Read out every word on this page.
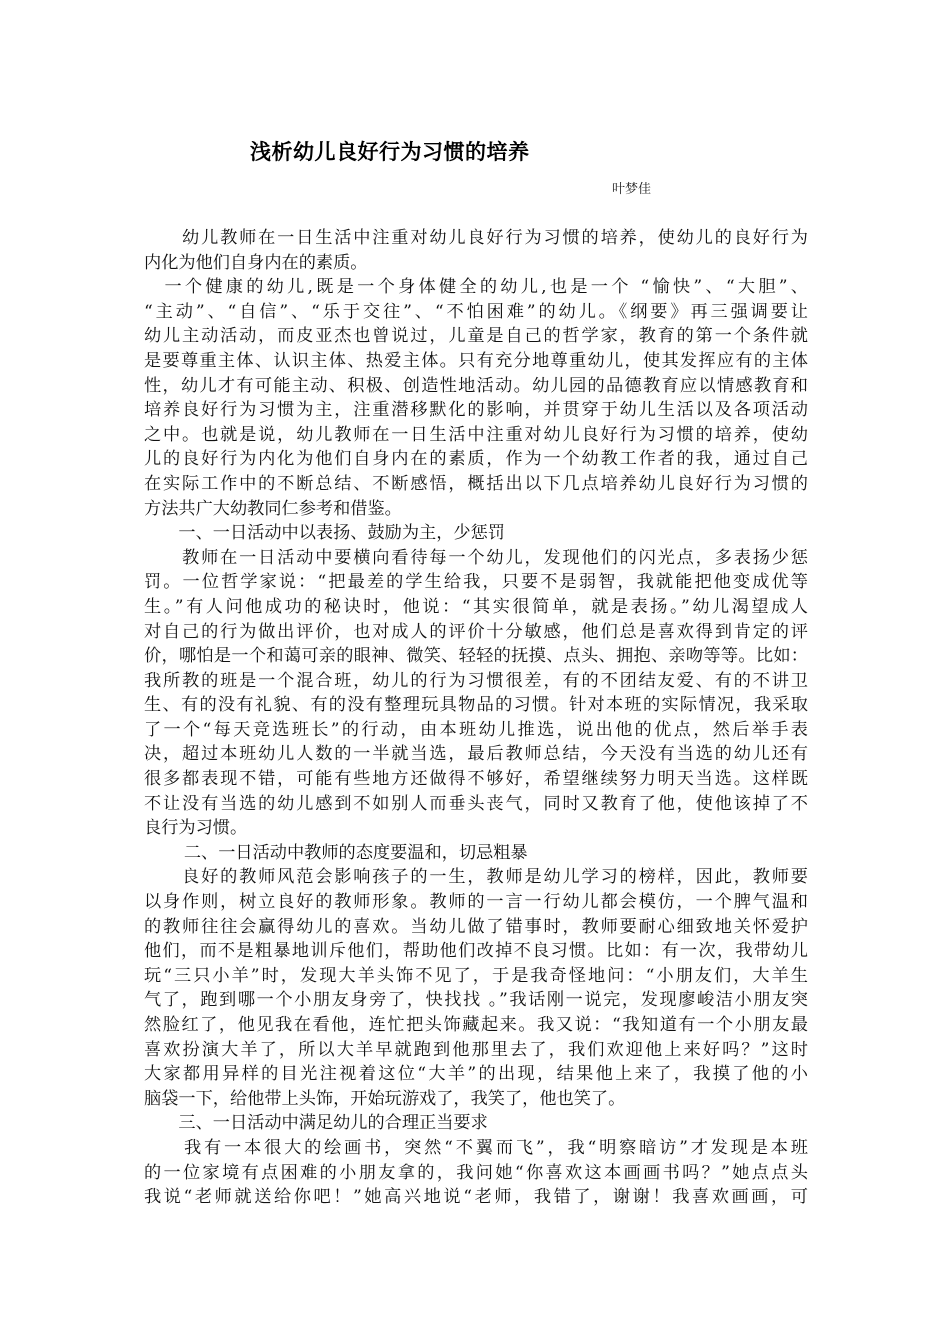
浅析幼儿良好行为习惯的培养
叶梦佳
　　幼儿教师在一日生活中注重对幼儿良好行为习惯的培养，使幼儿的良好行为
内化为他们自身内在的素质。
　一个健康的幼儿,既是一个身体健全的幼儿,也是一个 “愉快”、“大胆”、
“主动”、“自信”、“乐于交往”、“不怕困难”的幼儿。《纲要》再三强调要让
幼儿主动活动，而皮亚杰也曾说过，儿童是自己的哲学家，教育的第一个条件就
是要尊重主体、认识主体、热爱主体。只有充分地尊重幼儿，使其发挥应有的主体
性，幼儿才有可能主动、积极、创造性地活动。幼儿园的品德教育应以情感教育和
培养良好行为习惯为主，注重潜移默化的影响，并贯穿于幼儿生活以及各项活动
之中。也就是说，幼儿教师在一日生活中注重对幼儿良好行为习惯的培养，使幼
儿的良好行为内化为他们自身内在的素质，作为一个幼教工作者的我，通过自己
在实际工作中的不断总结、不断感悟，概括出以下几点培养幼儿良好行为习惯的
方法共广大幼教同仁参考和借鉴。
　　一、一日活动中以表扬、鼓励为主，少惩罚
　　教师在一日活动中要横向看待每一个幼儿，发现他们的闪光点，多表扬少惩
罚。一位哲学家说：“把最差的学生给我，只要不是弱智，我就能把他变成优等
生。”有人问他成功的秘诀时，他说：“其实很简单，就是表扬。”幼儿渴望成人
对自己的行为做出评价，也对成人的评价十分敏感，他们总是喜欢得到肯定的评
价，哪怕是一个和蔼可亲的眼神、微笑、轻轻的抚摸、点头、拥抱、亲吻等等。比如：
我所教的班是一个混合班，幼儿的行为习惯很差，有的不团结友爱、有的不讲卫
生、有的没有礼貌、有的没有整理玩具物品的习惯。针对本班的实际情况，我采取
了一个“每天竞选班长”的行动，由本班幼儿推选，说出他的优点，然后举手表
决，超过本班幼儿人数的一半就当选，最后教师总结，今天没有当选的幼儿还有
很多都表现不错，可能有些地方还做得不够好，希望继续努力明天当选。这样既
不让没有当选的幼儿感到不如别人而垂头丧气，同时又教育了他，使他该掉了不
良行为习惯。
　　 二、一日活动中教师的态度要温和，切忌粗暴
　　良好的教师风范会影响孩子的一生，教师是幼儿学习的榜样，因此，教师要
以身作则，树立良好的教师形象。教师的一言一行幼儿都会模仿，一个脾气温和
的教师往往会赢得幼儿的喜欢。当幼儿做了错事时，教师要耐心细致地关怀爱护
他们，而不是粗暴地训斥他们，帮助他们改掉不良习惯。比如：有一次，我带幼儿
玩“三只小羊”时，发现大羊头饰不见了，于是我奇怪地问：“小朋友们，大羊生
气了，跑到哪一个小朋友身旁了，快找找 。”我话刚一说完，发现廖峻洁小朋友突
然脸红了，他见我在看他，连忙把头饰藏起来。我又说：“我知道有一个小朋友最
喜欢扮演大羊了，所以大羊早就跑到他那里去了，我们欢迎他上来好吗？”这时
大家都用异样的目光注视着这位“大羊”的出现，结果他上来了，我摸了他的小
脑袋一下，给他带上头饰，开始玩游戏了，我笑了，他也笑了。
　　三、一日活动中满足幼儿的合理正当要求
　　我有一本很大的绘画书，突然“不翼而飞”，我“明察暗访”才发现是本班
的一位家境有点困难的小朋友拿的，我问她“你喜欢这本画画书吗？”她点点头
我说“老师就送给你吧！”她高兴地说“老师，我错了，谢谢！我喜欢画画，可
